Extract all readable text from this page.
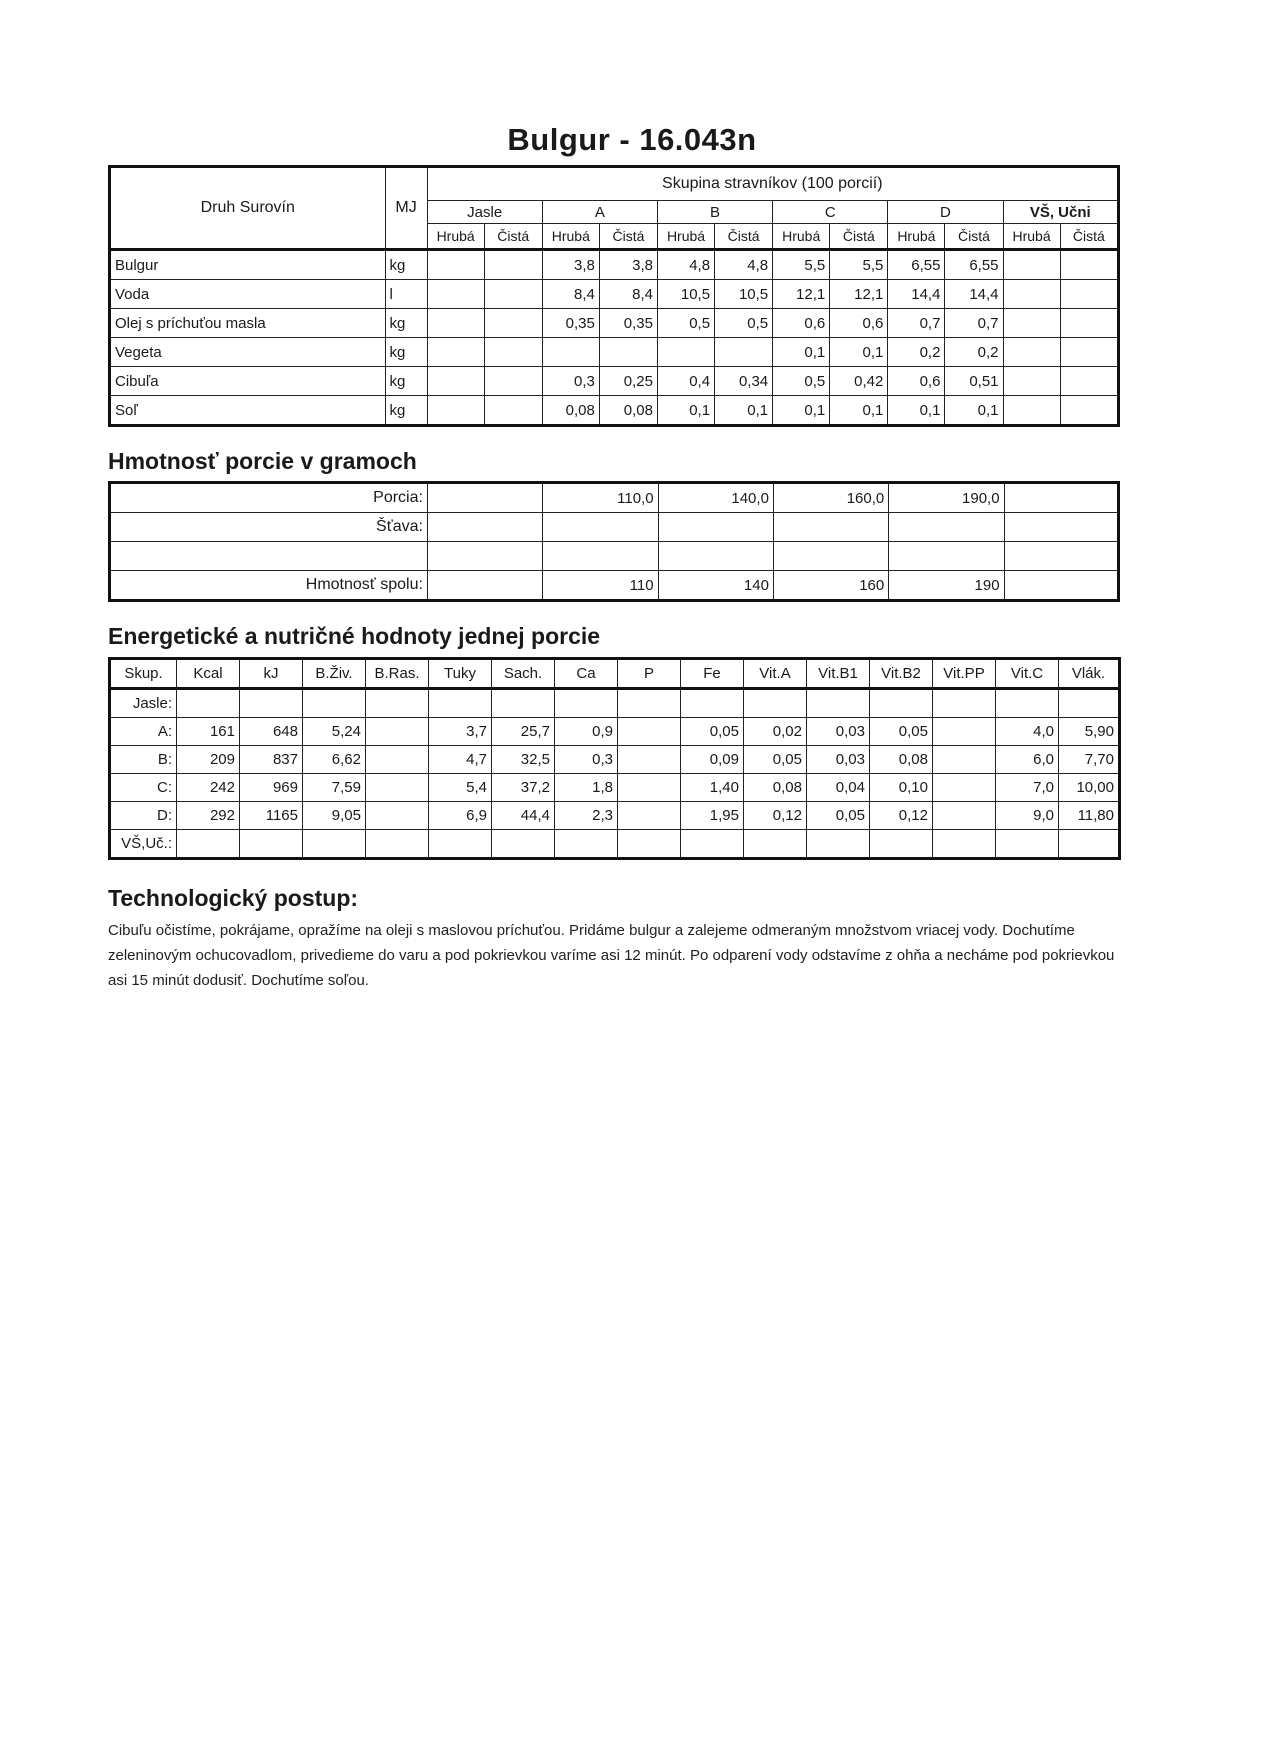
Bulgur - 16.043n
Druh Surovín	MJ	Skupina stravníkov (100 porcií)											
		Jasle		A		B		C		D		VŠ, Učni	
		Hrubá	Čistá	Hrubá	Čistá	Hrubá	Čistá	Hrubá	Čistá	Hrubá	Čistá	Hrubá	Čistá
Bulgur	kg			3,8	3,8	4,8	4,8	5,5	5,5	6,55	6,55		
Voda	l			8,4	8,4	10,5	10,5	12,1	12,1	14,4	14,4		
Olej s príchuťou masla	kg			0,35	0,35	0,5	0,5	0,6	0,6	0,7	0,7		
Vegeta	kg							0,1	0,1	0,2	0,2		
Cibuľa	kg			0,3	0,25	0,4	0,34	0,5	0,42	0,6	0,51		
Soľ	kg			0,08	0,08	0,1	0,1	0,1	0,1	0,1	0,1		
Hmotnosť porcie v gramoch
Porcia:		110,0	140,0	160,0	190,0	
Šťava:						

Hmotnosť spolu:		110	140	160	190	
Energetické a nutričné hodnoty jednej porcie
Skup.	Kcal	kJ	B.Živ.	B.Ras.	Tuky	Sach.	Ca	P	Fe	Vit.A	Vit.B1	Vit.B2	Vit.PP	Vit.C	Vlák.
Jasle:															
A:	161	648	5,24		3,7	25,7	0,9		0,05	0,02	0,03	0,05		4,0	5,90
B:	209	837	6,62		4,7	32,5	0,3		0,09	0,05	0,03	0,08		6,0	7,70
C:	242	969	7,59		5,4	37,2	1,8		1,40	0,08	0,04	0,10		7,0	10,00
D:	292	1165	9,05		6,9	44,4	2,3		1,95	0,12	0,05	0,12		9,0	11,80
VŠ,Uč.:															
Technologický postup:
Cibuľu očistíme, pokrájame, opražíme na oleji s maslovou príchuťou. Pridáme bulgur a zalejeme odmeraným množstvom vriacej vody. Dochutíme zeleninovým ochucovadlom, privedieme do varu a pod pokrievkou varíme asi 12 minút. Po odparení vody odstavíme z ohňa a necháme pod pokrievkou asi 15 minút dodusiť. Dochutíme soľou.
